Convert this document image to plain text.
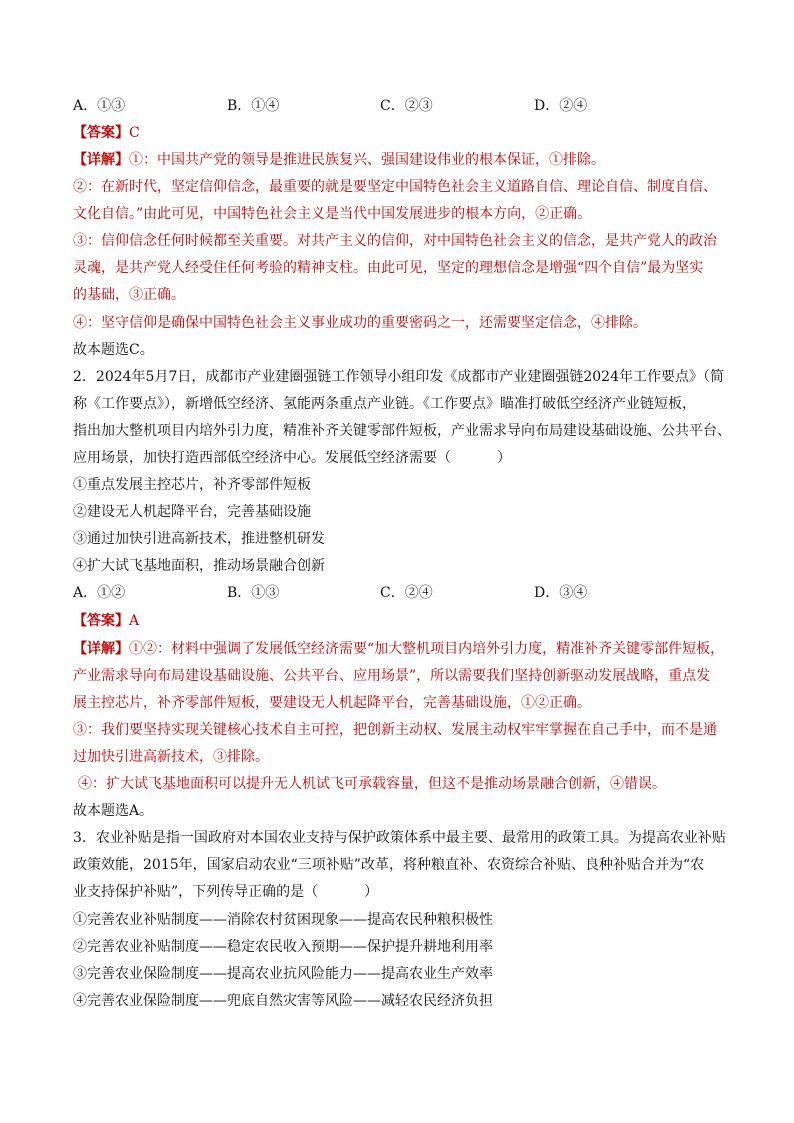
A．①③	B．①④	C．②③	D．②④
【答案】C
【详解】①：中国共产党的领导是推进民族复兴、强国建设伟业的根本保证，①排除。
②：在新时代，坚定信仰信念，最重要的就是要坚定中国特色社会主义道路自信、理论自信、制度自信、
文化自信。”由此可见，中国特色社会主义是当代中国发展进步的根本方向，②正确。
③：信仰信念任何时候都至关重要。对共产主义的信仰，对中国特色社会主义的信念，是共产党人的政治
灵魂，是共产党人经受住任何考验的精神支柱。由此可见，坚定的理想信念是增强“四个自信”最为坚实
的基础，③正确。
④：坚守信仰是确保中国特色社会主义事业成功的重要密码之一，还需要坚定信念，④排除。
故本题选C。
2．2024年5月7日，成都市产业建圈强链工作领导小组印发《成都市产业建圈强链2024年工作要点》（简
称《工作要点》），新增低空经济、氢能两条重点产业链。《工作要点》瞄准打破低空经济产业链短板，
指出加大整机项目内培外引力度，精准补齐关键零部件短板，产业需求导向布局建设基础设施、公共平台、
应用场景，加快打造西部低空经济中心。发展低空经济需要（	）
①重点发展主控芯片，补齐零部件短板
②建设无人机起降平台，完善基础设施
③通过加快引进高新技术，推进整机研发
④扩大试飞基地面积，推动场景融合创新
A．①②	B．①③	C．②④	D．③④
【答案】A
【详解】①②：材料中强调了发展低空经济需要“加大整机项目内培外引力度，精准补齐关键零部件短板，
产业需求导向布局建设基础设施、公共平台、应用场景”，所以需要我们坚持创新驱动发展战略，重点发
展主控芯片，补齐零部件短板，要建设无人机起降平台，完善基础设施，①②正确。
③：我们要坚持实现关键核心技术自主可控，把创新主动权、发展主动权牢牢掌握在自己手中，而不是通
过加快引进高新技术，③排除。
④：扩大试飞基地面积可以提升无人机试飞可承载容量，但这不是推动场景融合创新，④错误。
故本题选A。
3．农业补贴是指一国政府对本国农业支持与保护政策体系中最主要、最常用的政策工具。为提高农业补贴
政策效能，2015年，国家启动农业“三项补贴”改革，将种粮直补、农资综合补贴、良种补贴合并为“农
业支持保护补贴”，下列传导正确的是（	）
①完善农业补贴制度——消除农村贫困现象——提高农民种粮积极性
②完善农业补贴制度——稳定农民收入预期——保护提升耕地利用率
③完善农业保险制度——提高农业抗风险能力——提高农业生产效率
④完善农业保险制度——兜底自然灾害等风险——减轻农民经济负担
